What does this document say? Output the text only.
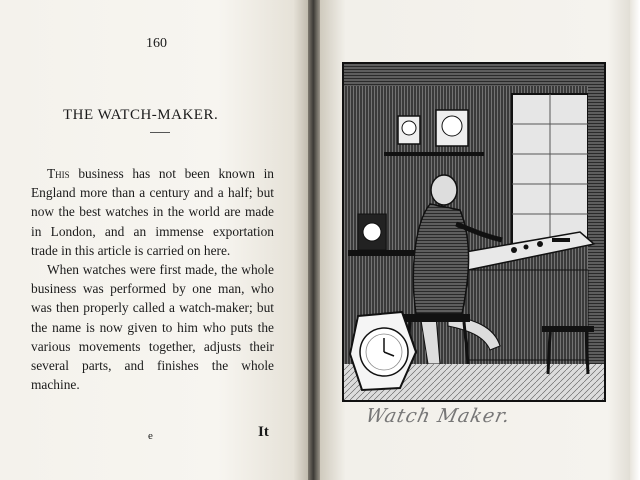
160
THE WATCH-MAKER.

This business has not been known in England more than a century and a half; but now the best watches in the world are made in London, and an immense exportation trade in this article is carried on here.

When watches were first made, the whole business was performed by one man, who was then properly called a watch-maker; but the name is now given to him who puts the various movements together, adjusts their several parts, and finishes the whole machine.

e	It
Watch Maker.
